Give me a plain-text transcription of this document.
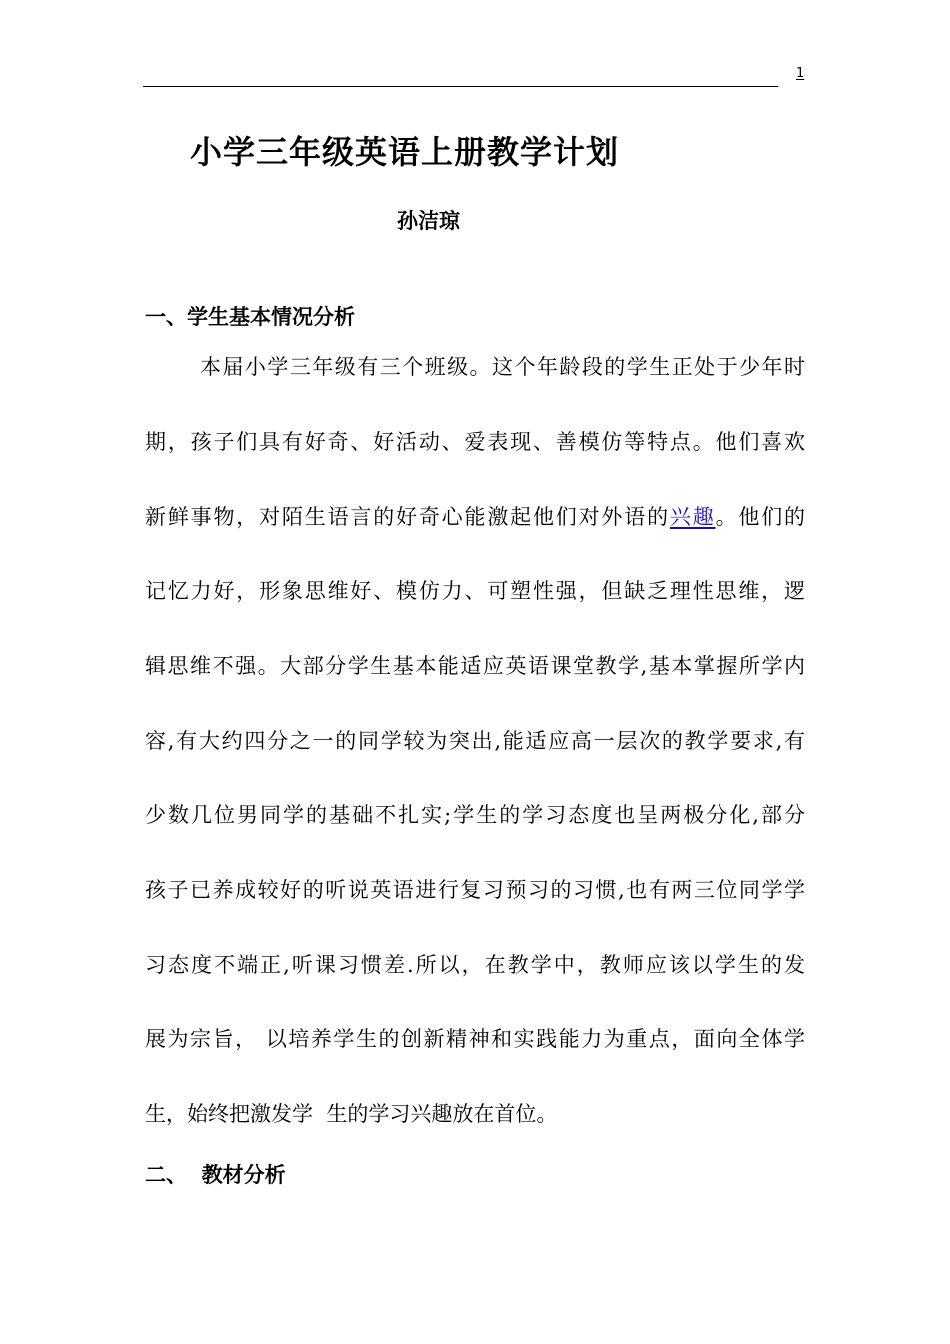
1
小学三年级英语上册教学计划
孙洁琼
一、学生基本情况分析
本届小学三年级有三个班级。这个年龄段的学生正处于少年时
期，孩子们具有好奇、好活动、爱表现、善模仿等特点。他们喜欢
新鲜事物，对陌生语言的好奇心能激起他们对外语的兴趣。他们的
记忆力好，形象思维好、模仿力、可塑性强，但缺乏理性思维，逻
辑思维不强。大部分学生基本能适应英语课堂教学,基本掌握所学内
容,有大约四分之一的同学较为突出,能适应高一层次的教学要求,有
少数几位男同学的基础不扎实;学生的学习态度也呈两极分化,部分
孩子已养成较好的听说英语进行复习预习的习惯,也有两三位同学学
习态度不端正,听课习惯差.所以，在教学中，教师应该以学生的发
展为宗旨， 以培养学生的创新精神和实践能力为重点，面向全体学
生，始终把激发学  生的学习兴趣放在首位。
二、  教材分析
